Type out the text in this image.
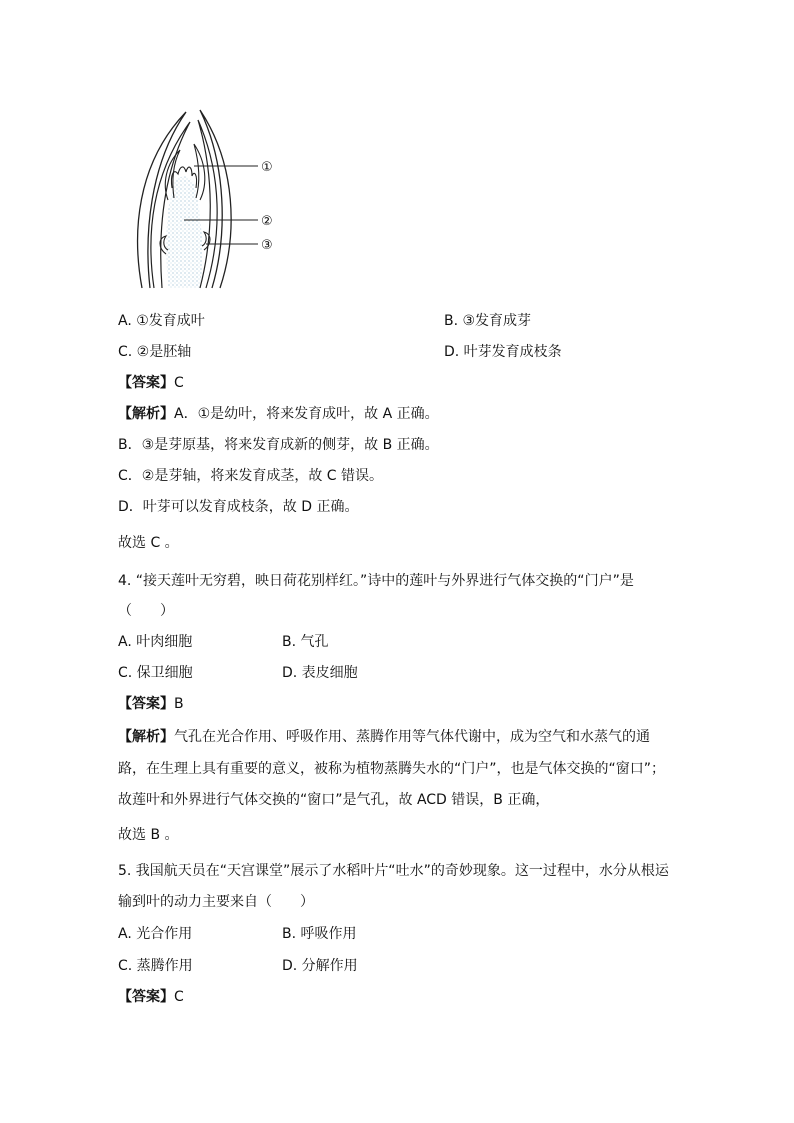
①
②
③
A. ①发育成叶	B. ③发育成芽
C. ②是胚轴	D. 叶芽发育成枝条
【答案】C
【解析】A．①是幼叶，将来发育成叶，故 A 正确。
B．③是芽原基，将来发育成新的侧芽，故 B 正确。
C．②是芽轴，将来发育成茎，故 C 错误。
D．叶芽可以发育成枝条，故 D 正确。
故选 C 。
4. “接天莲叶无穷碧，映日荷花别样红。”诗中的莲叶与外界进行气体交换的“门户”是
（　　）
A. 叶肉细胞	B. 气孔
C. 保卫细胞	D. 表皮细胞
【答案】B
【解析】气孔在光合作用、呼吸作用、蒸腾作用等气体代谢中，成为空气和水蒸气的通
路，在生理上具有重要的意义，被称为植物蒸腾失水的“门户”，也是气体交换的“窗口”；
故莲叶和外界进行气体交换的“窗口”是气孔，故 ACD 错误，B 正确，
故选 B 。
5. 我国航天员在“天宫课堂”展示了水稻叶片“吐水”的奇妙现象。这一过程中，水分从根运
输到叶的动力主要来自（　　）
A. 光合作用	B. 呼吸作用
C. 蒸腾作用	D. 分解作用
【答案】C
